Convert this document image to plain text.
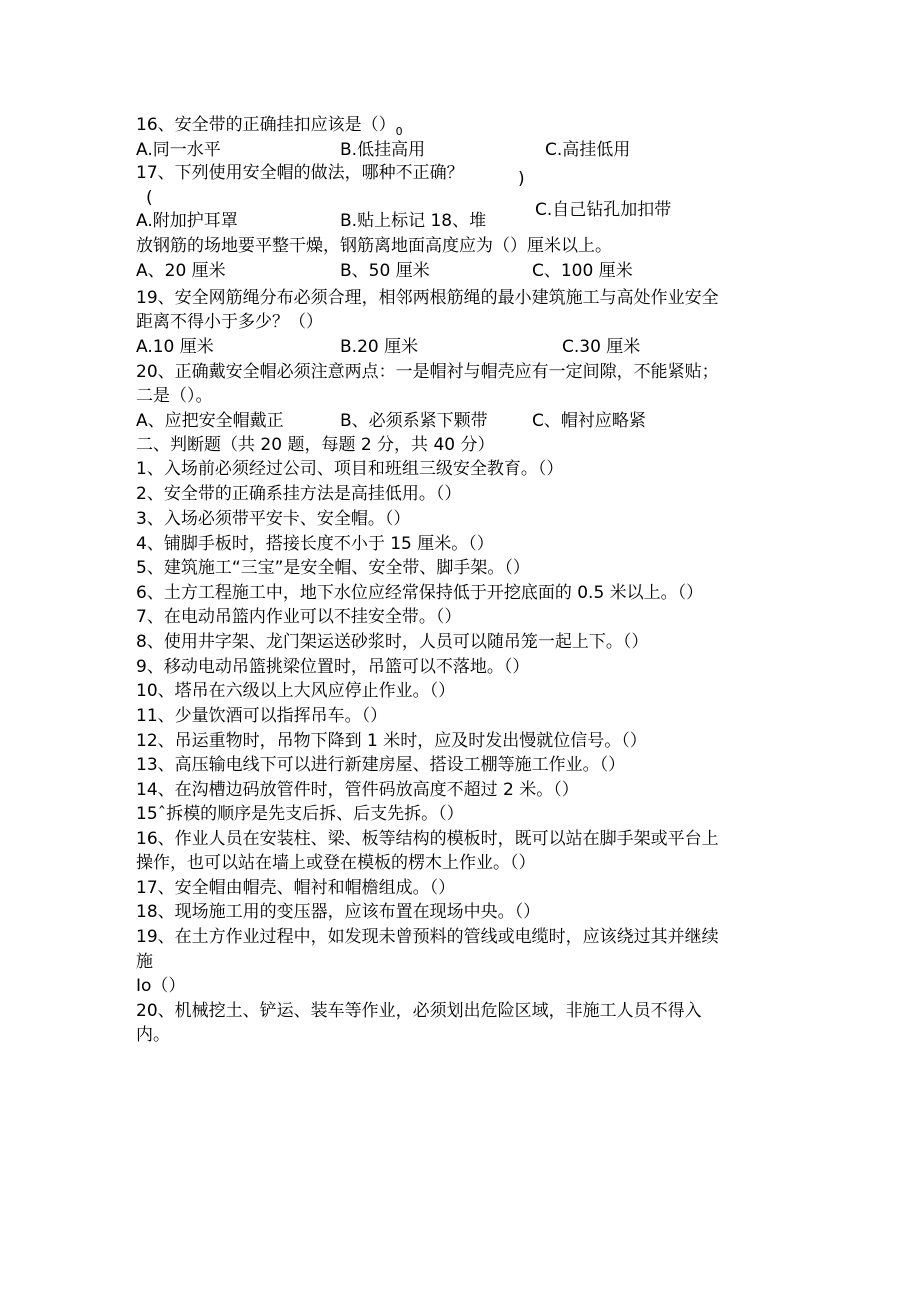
16、安全带的正确挂扣应该是$()_0$
A.同一水平	B.低挂高用	C.高挂低用
17、下列使用安全帽的做法，哪种不正确？	)
(
C.自己钻孔加扣带
A.附加护耳罩	B.贴上标记 18、堆
放钢筋的场地要平整干燥，钢筋离地面高度应为（）厘米以上。
A、20 厘米	B、50 厘米	C、100 厘米
19、安全网筋绳分布必须合理，相邻两根筋绳的最小建筑施工与高处作业安全
距离不得小于多少？（）
A.10 厘米	B.20 厘米	C.30 厘米
20、正确戴安全帽必须注意两点：一是帽衬与帽壳应有一定间隙，不能紧贴；
二是（）。
A、应把安全帽戴正	B、必须系紧下颗带	C、帽衬应略紧
二、判断题（共 20 题，每题 2 分，共 40 分）
1、入场前必须经过公司、项目和班组三级安全教育。（）
2、安全带的正确系挂方法是高挂低用。（）
3、入场必须带平安卡、安全帽。（）
4、铺脚手板时，搭接长度不小于 15 厘米。（）
5、建筑施工“三宝”是安全帽、安全带、脚手架。（）
6、土方工程施工中，地下水位应经常保持低于开挖底面的 0.5 米以上。（）
7、在电动吊篮内作业可以不挂安全带。（）
8、使用井字架、龙门架运送砂浆时，人员可以随吊笼一起上下。（）
9、移动电动吊篮挑梁位置时，吊篮可以不落地。（）
10、塔吊在六级以上大风应停止作业。（）
11、少量饮酒可以指挥吊车。（）
12、吊运重物时，吊物下降到 1 米时，应及时发出慢就位信号。（）
13、高压输电线下可以进行新建房屋、搭设工棚等施工作业。（）
14、在沟槽边码放管件时，管件码放高度不超过 2 米。（）
15ˆ拆模的顺序是先支后拆、后支先拆。（）
16、作业人员在安装柱、梁、板等结构的模板时，既可以站在脚手架或平台上
操作，也可以站在墙上或登在模板的楞木上作业。（）
17、安全帽由帽壳、帽衬和帽檐组成。（）
18、现场施工用的变压器，应该布置在现场中央。（）
19、在土方作业过程中，如发现未曾预料的管线或电缆时，应该绕过其并继续
施
Io（）
20、机械挖土、铲运、装车等作业，必须划出危险区域，非施工人员不得入
内。
